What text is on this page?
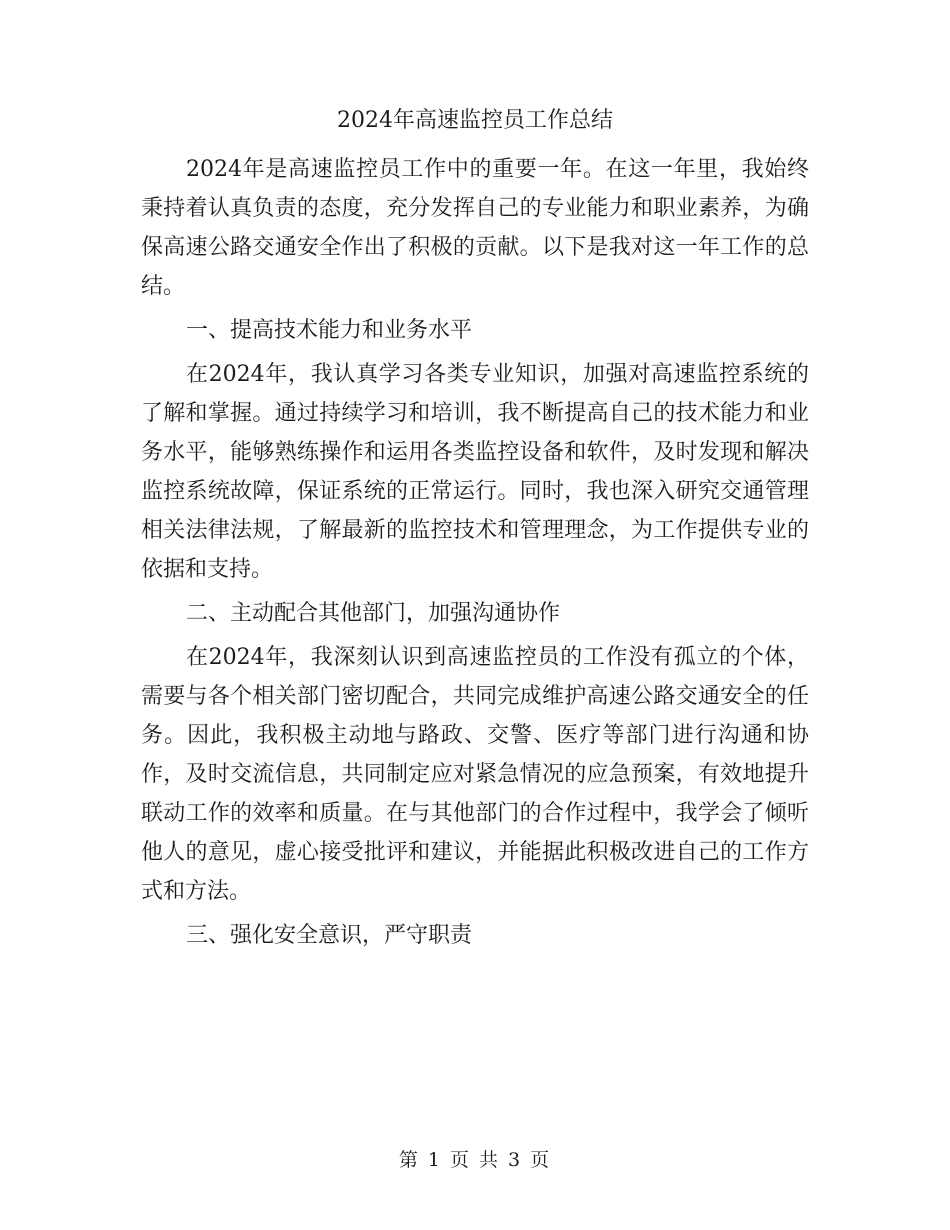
2024年高速监控员工作总结

2024年是高速监控员工作中的重要一年。在这一年里，我始终秉持着认真负责的态度，充分发挥自己的专业能力和职业素养，为确保高速公路交通安全作出了积极的贡献。以下是我对这一年工作的总结。

一、提高技术能力和业务水平

在2024年，我认真学习各类专业知识，加强对高速监控系统的了解和掌握。通过持续学习和培训，我不断提高自己的技术能力和业务水平，能够熟练操作和运用各类监控设备和软件，及时发现和解决监控系统故障，保证系统的正常运行。同时，我也深入研究交通管理相关法律法规，了解最新的监控技术和管理理念，为工作提供专业的依据和支持。

二、主动配合其他部门，加强沟通协作

在2024年，我深刻认识到高速监控员的工作没有孤立的个体，需要与各个相关部门密切配合，共同完成维护高速公路交通安全的任务。因此，我积极主动地与路政、交警、医疗等部门进行沟通和协作，及时交流信息，共同制定应对紧急情况的应急预案，有效地提升联动工作的效率和质量。在与其他部门的合作过程中，我学会了倾听他人的意见，虚心接受批评和建议，并能据此积极改进自己的工作方式和方法。

三、强化安全意识，严守职责

第 1 页 共 3 页
